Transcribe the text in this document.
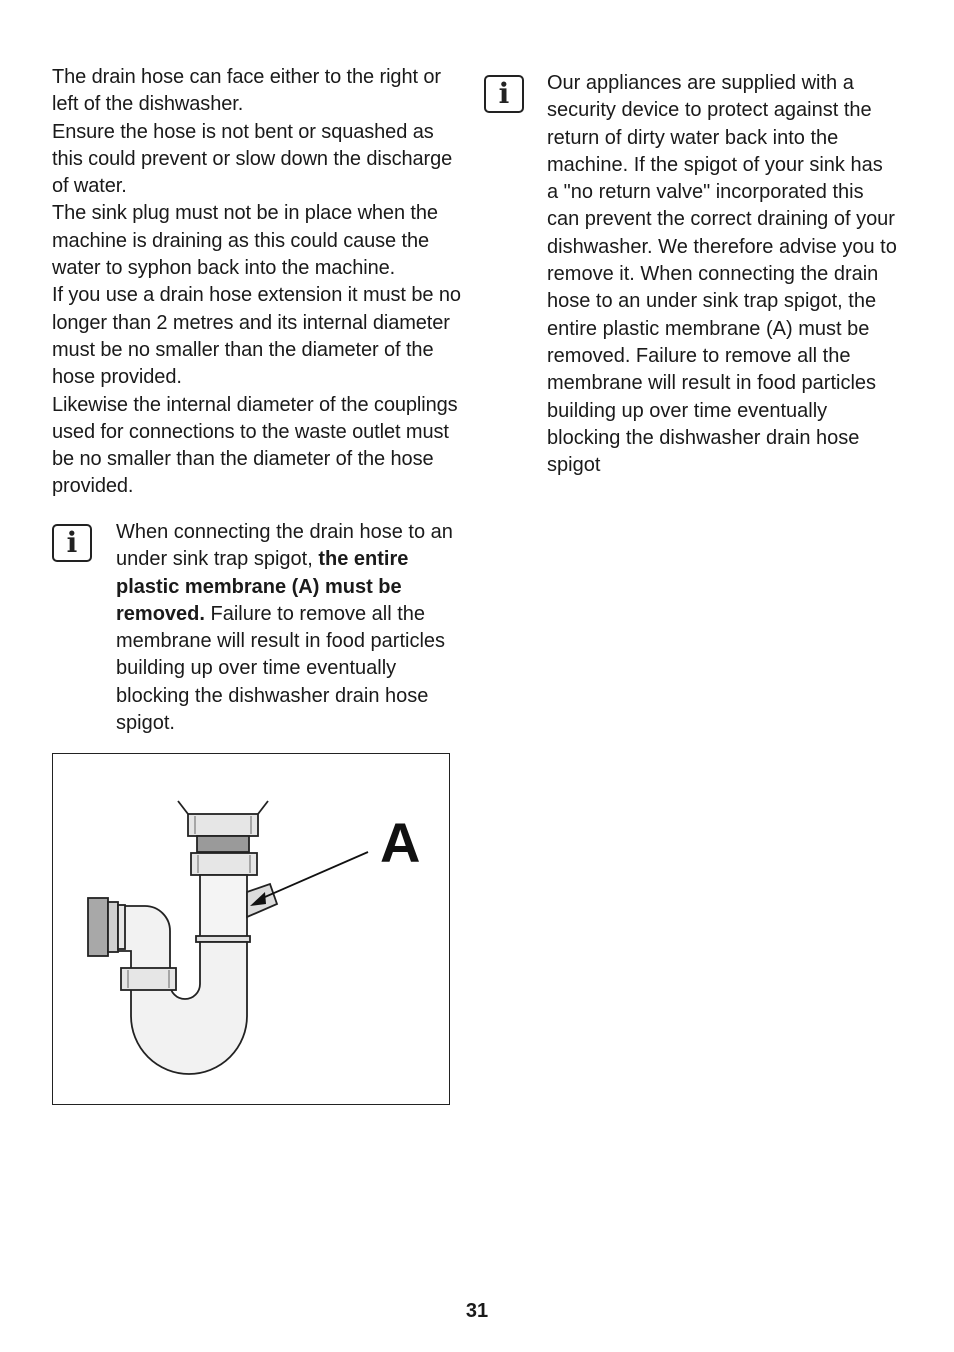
The drain hose can face either to the right or left of the dishwasher.

Ensure the hose is not bent or squashed as this could prevent or slow down the discharge of water.

The sink plug must not be in place when the machine is draining as this could cause the water to syphon back into the machine.

If you use a drain hose extension it must be no longer than 2 metres and its internal diameter must be no smaller than the diameter of the hose provided.

Likewise the internal diameter of the couplings used for connections to the waste outlet must be no smaller than the diameter of the hose provided.

i When connecting the drain hose to an under sink trap spigot, the entire plastic membrane (A) must be removed. Failure to remove all the membrane will result in food particles building up over time eventually blocking the dishwasher drain hose spigot.
i Our appliances are supplied with a security device to protect against the return of dirty water back into the machine. If the spigot of your sink has a "no return valve" incorporated this can prevent the correct draining of your dishwasher. We therefore advise you to remove it. When connecting the drain hose to an under sink trap spigot, the entire plastic membrane (A) must be removed. Failure to remove all the membrane will result in food particles building up over time eventually blocking the dishwasher drain hose spigot
A
31
